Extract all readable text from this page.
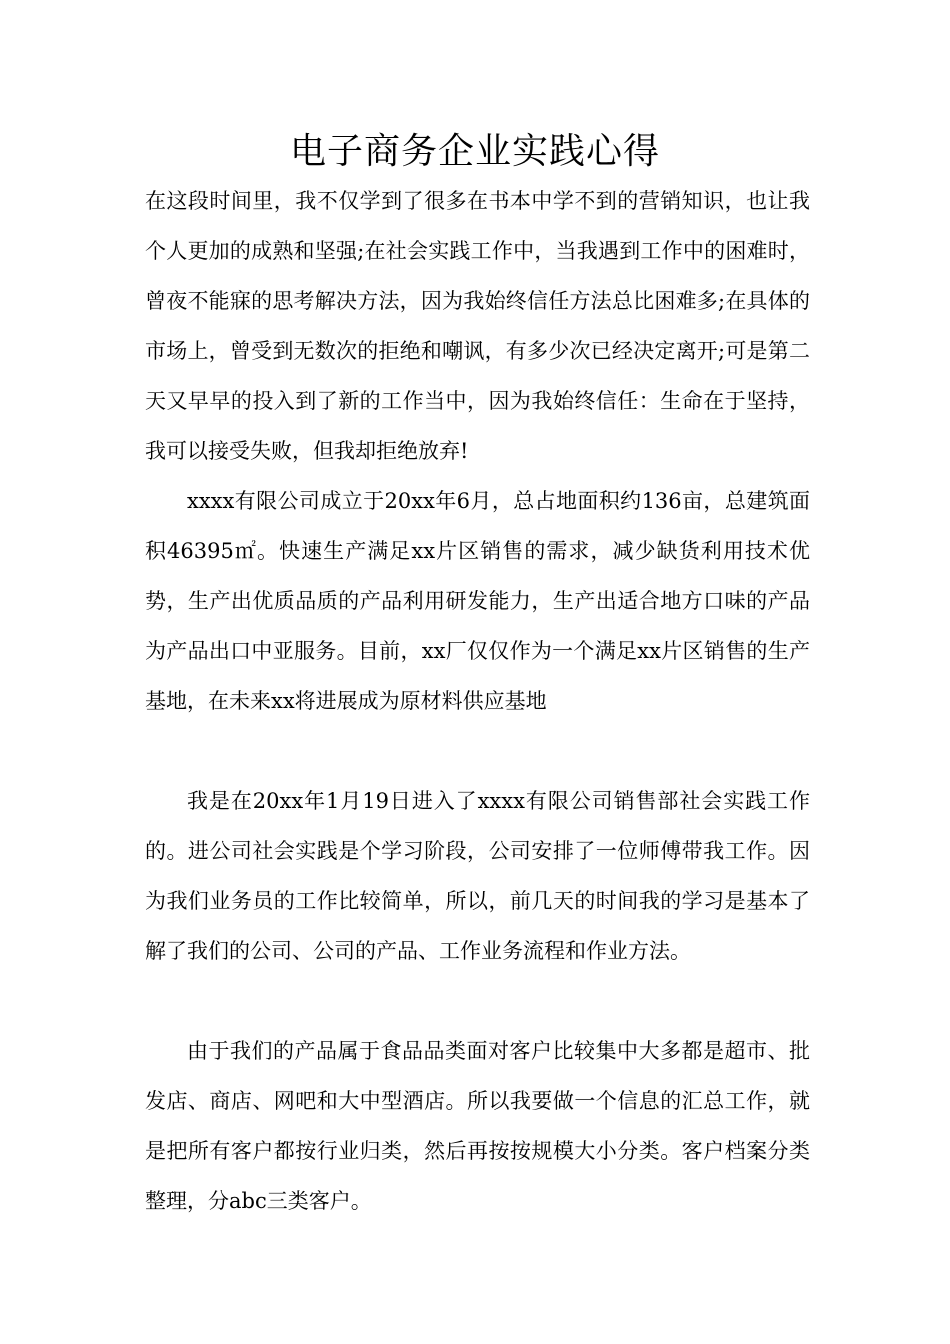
电子商务企业实践心得

在这段时间里，我不仅学到了很多在书本中学不到的营销知识，也让我个人更加的成熟和坚强;在社会实践工作中，当我遇到工作中的困难时，曾夜不能寐的思考解决方法，因为我始终信任方法总比困难多;在具体的市场上，曾受到无数次的拒绝和嘲讽，有多少次已经决定离开;可是第二天又早早的投入到了新的工作当中，因为我始终信任：生命在于坚持，我可以接受失败，但我却拒绝放弃!

xxxx有限公司成立于20xx年6月，总占地面积约136亩，总建筑面积46395㎡。快速生产满足xx片区销售的需求，减少缺货利用技术优势，生产出优质品质的产品利用研发能力，生产出适合地方口味的产品为产品出口中亚服务。目前，xx厂仅仅作为一个满足xx片区销售的生产基地，在未来xx将进展成为原材料供应基地

我是在20xx年1月19日进入了xxxx有限公司销售部社会实践工作的。进公司社会实践是个学习阶段，公司安排了一位师傅带我工作。因为我们业务员的工作比较简单，所以，前几天的时间我的学习是基本了解了我们的公司、公司的产品、工作业务流程和作业方法。

由于我们的产品属于食品品类面对客户比较集中大多都是超市、批发店、商店、网吧和大中型酒店。所以我要做一个信息的汇总工作，就是把所有客户都按行业归类，然后再按按规模大小分类。客户档案分类整理，分abc三类客户。
